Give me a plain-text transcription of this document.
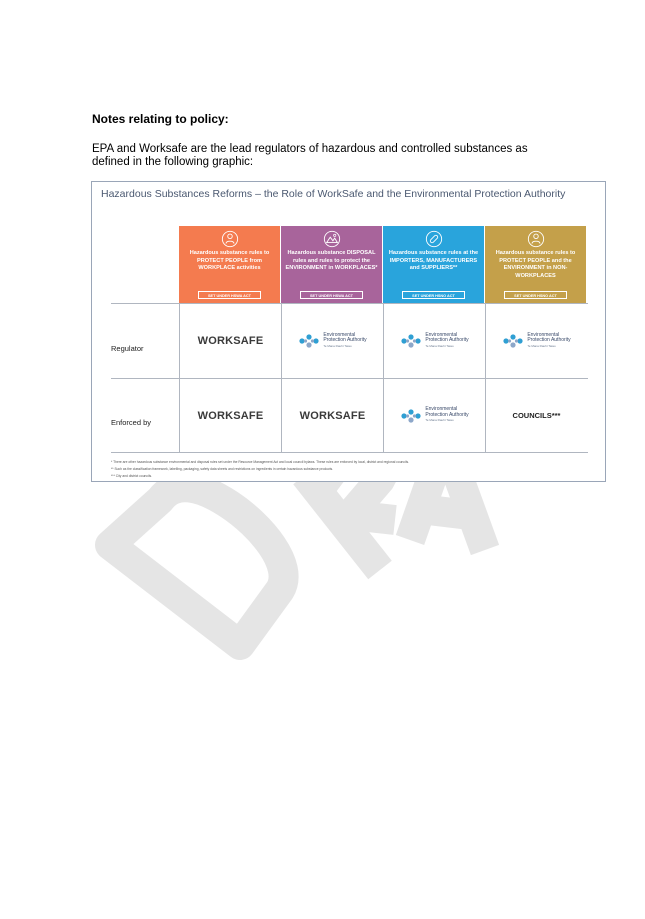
Notes relating to policy:

EPA and Worksafe are the lead regulators of hazardous and controlled substances as defined in the following graphic:

Hazardous Substances Reforms – the Role of WorkSafe and the Environmental Protection Authority
Hazardous substance rules to PROTECT PEOPLE from WORKPLACE activities
SET UNDER HSWA ACT
Hazardous substance DISPOSAL rules and rules to protect the ENVIRONMENT in WORKPLACES*
SET UNDER HSWA ACT
Hazardous substance rules at the IMPORTERS, MANUFACTURERS and SUPPLIERS**
SET UNDER HSNO ACT
Hazardous substance rules to PROTECT PEOPLE and the ENVIRONMENT in NON-WORKPLACES
SET UNDER HSNO ACT
Regulator
Enforced by
WORKSAFE
Environmental
Protection Authority
Te Mana Rauhī Taiao
Environmental
Protection Authority
Te Mana Rauhī Taiao
Environmental
Protection Authority
Te Mana Rauhī Taiao
WORKSAFE	WORKSAFE
Environmental
Protection Authority
Te Mana Rauhī Taiao
COUNCILS***
* There are other hazardous substance environmental and disposal rules set under the Resource Management Act and local council bylaws. These rules are enforced by local, district and regional councils.
** Such as the classification framework, labelling, packaging, safety data sheets and restrictions on ingredients in certain hazardous substance products.
*** City and district councils.
